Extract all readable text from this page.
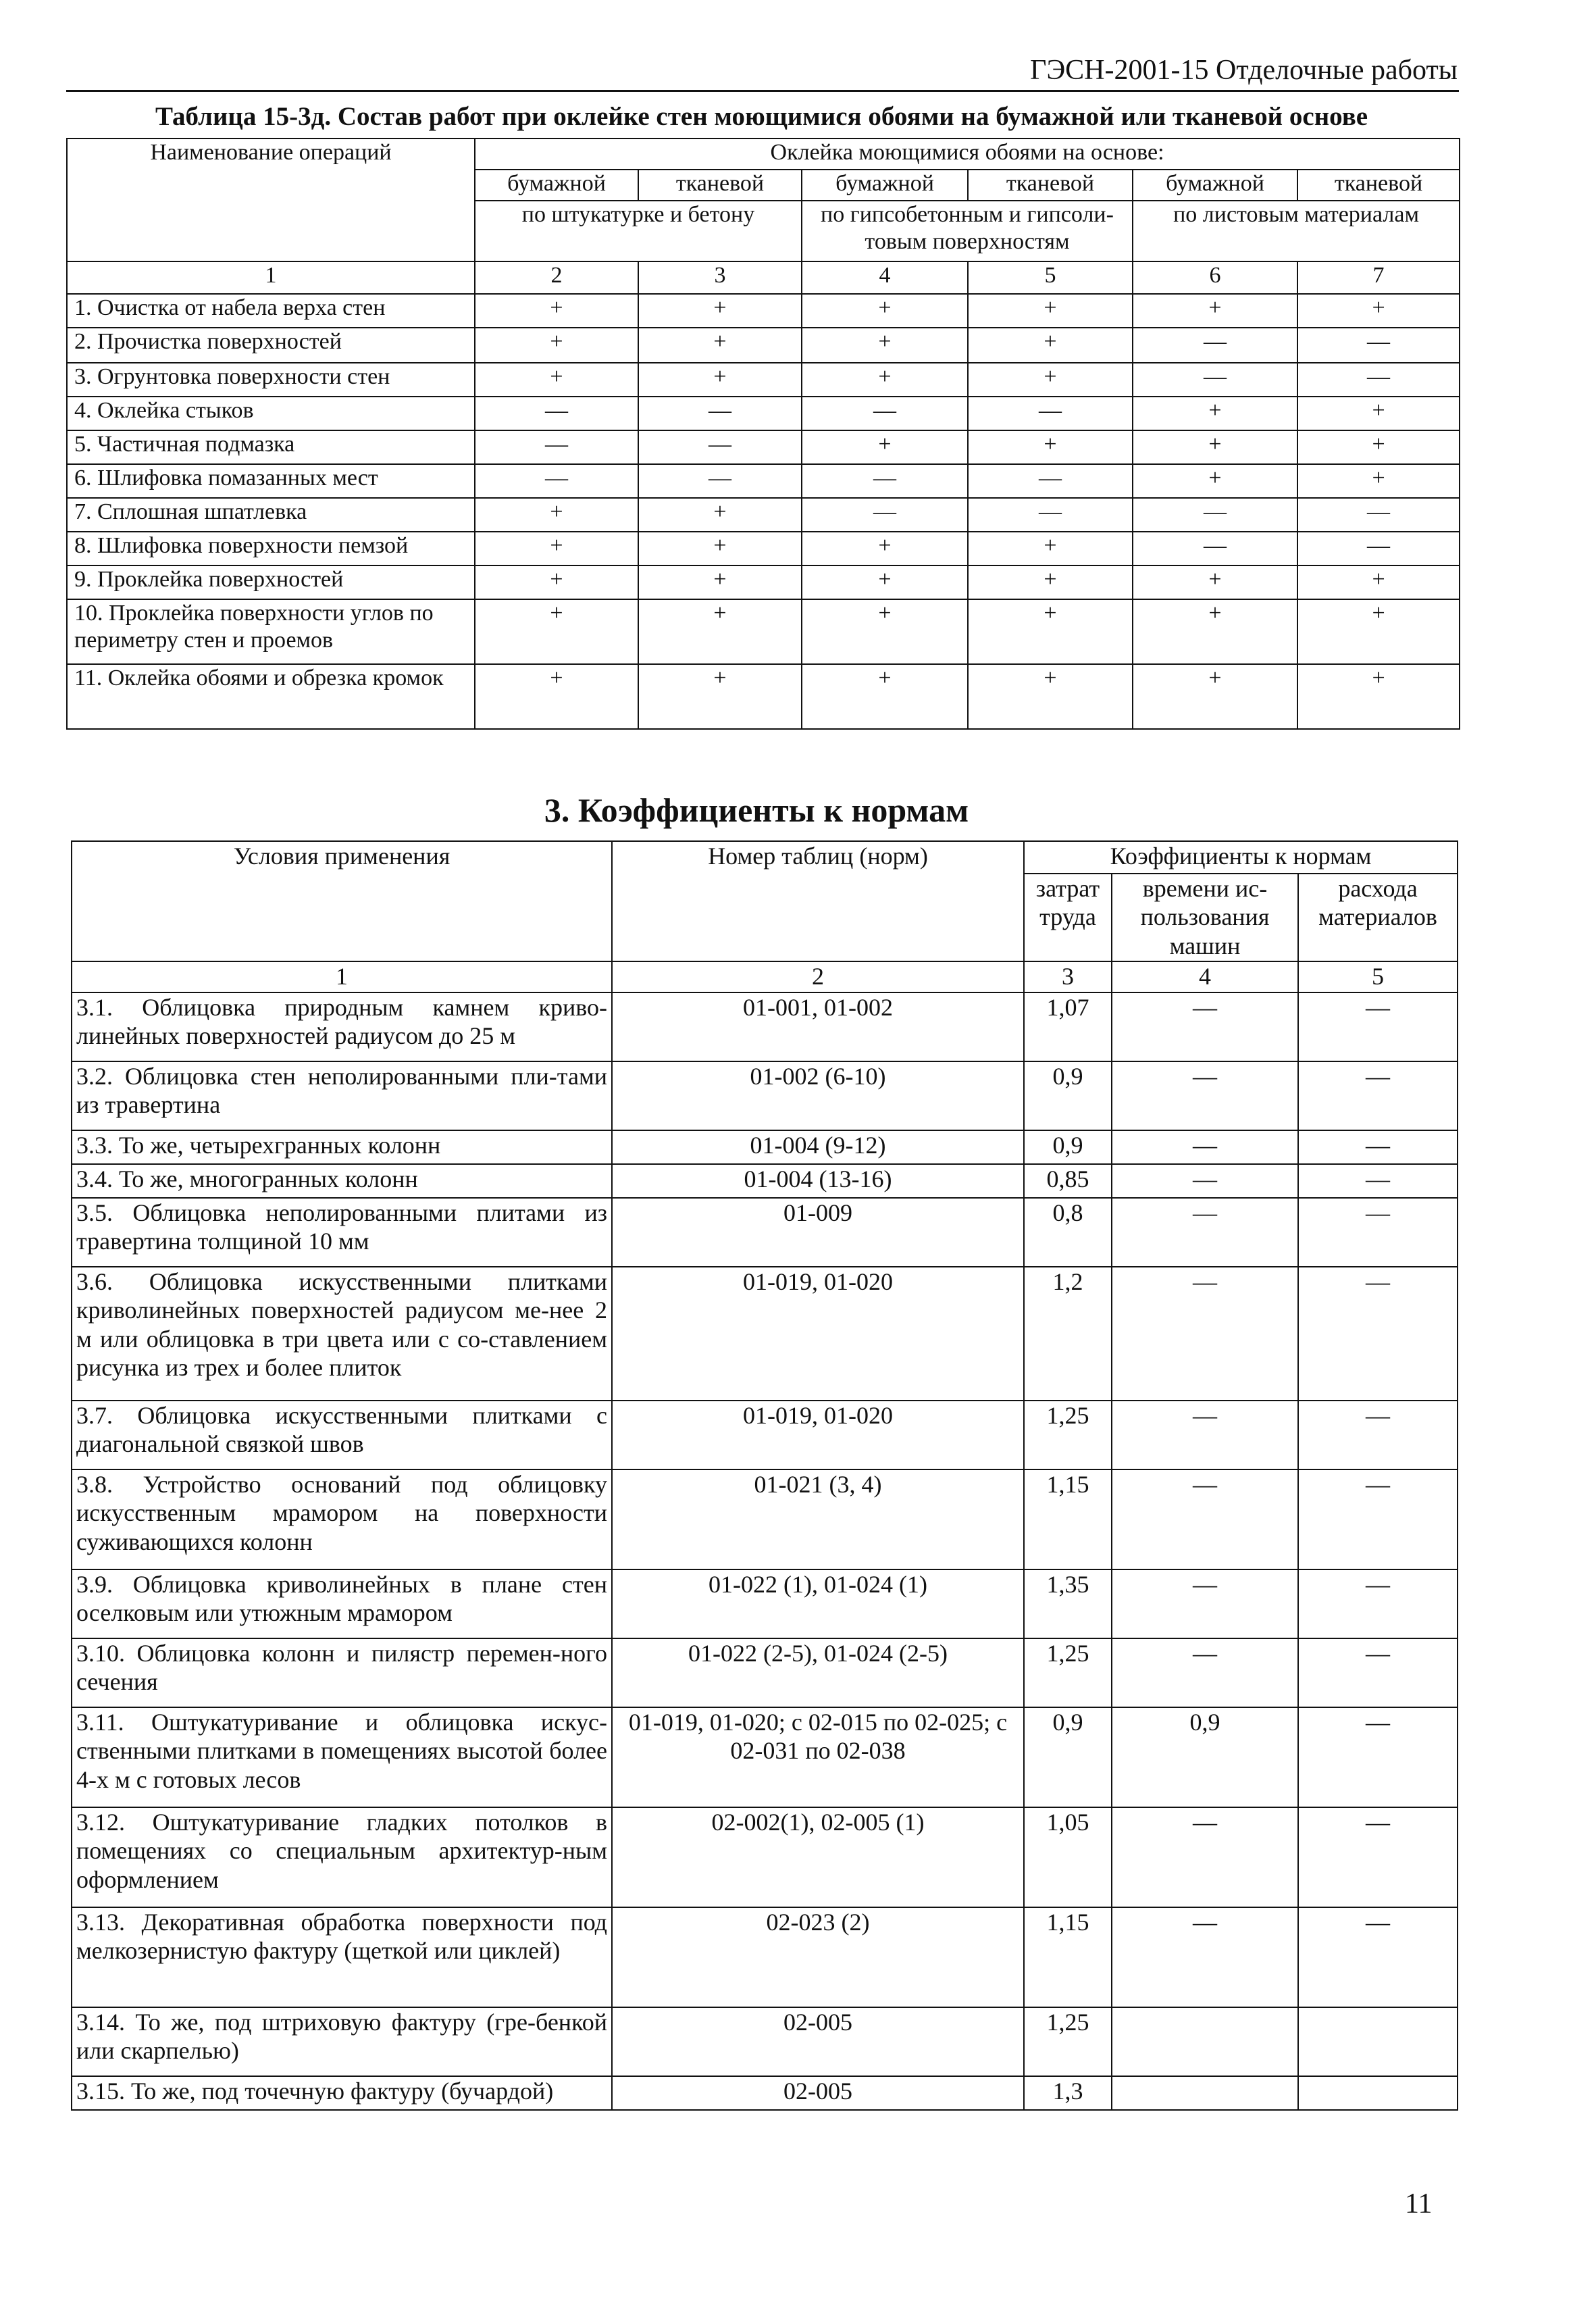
ГЭСН-2001-15 Отделочные работы
Таблица 15-3д. Состав работ при оклейке стен моющимися обоями на бумажной или тканевой основе
Наименование операций	Оклейка моющимися обоями на основе:					
	бумажной	тканевой	бумажной	тканевой	бумажной	тканевой
	по штукатурке и бетону		по гипсобетонным и гипсоли-товым поверхностям		по листовым материалам	
1	2	3	4	5	6	7
1. Очистка от набела верха стен	+	+	+	+	+	+
2. Прочистка поверхностей	+	+	+	+	—	—
3. Огрунтовка поверхности стен	+	+	+	+	—	—
4. Оклейка стыков	—	—	—	—	+	+
5. Частичная подмазка	—	—	+	+	+	+
6. Шлифовка помазанных мест	—	—	—	—	+	+
7. Сплошная шпатлевка	+	+	—	—	—	—
8. Шлифовка поверхности пемзой	+	+	+	+	—	—
9. Проклейка поверхностей	+	+	+	+	+	+
10. Проклейка поверхности углов по периметру стен и проемов	+	+	+	+	+	+
11. Оклейка обоями и обрезка кромок	+	+	+	+	+	+
3. Коэффициенты к нормам
Условия применения	Номер таблиц (норм)	Коэффициенты к нормам		
		затрат труда	времени ис-пользования машин	расхода материалов
1	2	3	4	5
3.1. Облицовка природным камнем криво-линейных поверхностей радиусом до 25 м	01-001, 01-002	1,07	—	—
3.2. Облицовка стен неполированными пли-тами из травертина	01-002 (6-10)	0,9	—	—
3.3. То же, четырехгранных колонн	01-004 (9-12)	0,9	—	—
3.4. То же, многогранных колонн	01-004 (13-16)	0,85	—	—
3.5. Облицовка неполированными плитами из травертина толщиной 10 мм	01-009	0,8	—	—
3.6. Облицовка искусственными плитками криволинейных поверхностей радиусом ме-нее 2 м или облицовка в три цвета или с со-ставлением рисунка из трех и более плиток	01-019, 01-020	1,2	—	—
3.7. Облицовка искусственными плитками с диагональной связкой швов	01-019, 01-020	1,25	—	—
3.8. Устройство оснований под облицовку искусственным мрамором на поверхности суживающихся колонн	01-021 (3, 4)	1,15	—	—
3.9. Облицовка криволинейных в плане стен оселковым или утюжным мрамором	01-022 (1), 01-024 (1)	1,35	—	—
3.10. Облицовка колонн и пилястр перемен-ного сечения	01-022 (2-5), 01-024 (2-5)	1,25	—	—
3.11. Оштукатуривание и облицовка искус-ственными плитками в помещениях высотой более 4-х м с готовых лесов	01-019, 01-020; с 02-015 по 02-025; с 02-031 по 02-038	0,9	0,9	—
3.12. Оштукатуривание гладких потолков в помещениях со специальным архитектур-ным оформлением	02-002(1), 02-005 (1)	1,05	—	—
3.13. Декоративная обработка поверхности под мелкозернистую фактуру (щеткой или циклей)	02-023 (2)	1,15	—	—
3.14. То же, под штриховую фактуру (гре-бенкой или скарпелью)	02-005	1,25		
3.15. То же, под точечную фактуру (бучардой)	02-005	1,3		
11
